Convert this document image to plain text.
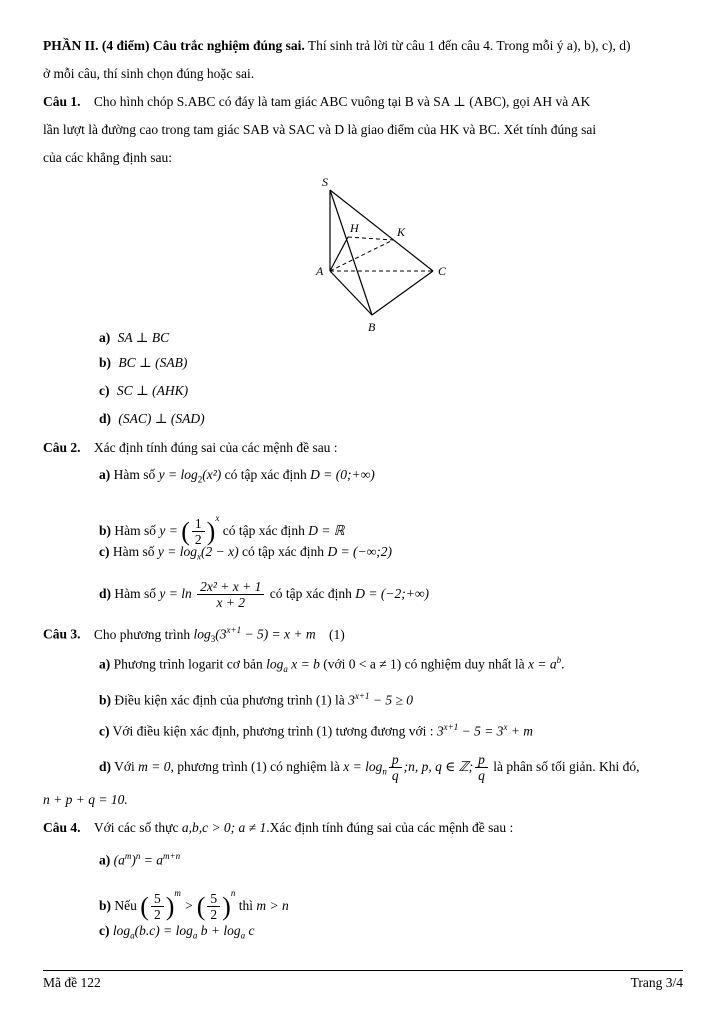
PHẦN II. (4 điểm) Câu trắc nghiệm đúng sai. Thí sinh trả lời từ câu 1 đến câu 4. Trong mỗi ý a), b), c), d)
ở mỗi câu, thí sinh chọn đúng hoặc sai.
Câu 1. Cho hình chóp S.ABC có đáy là tam giác ABC vuông tại B và SA ⊥ (ABC), gọi AH và AK
lần lượt là đường cao trong tam giác SAB và SAC và D là giao điểm của HK và BC. Xét tính đúng sai
của các khẳng định sau:
S
H	K
A	C
B
a) SA ⊥ BC
b) BC ⊥ (SAB)
c) SC ⊥ (AHK)
d) (SAC) ⊥ (SAD)
Câu 2. Xác định tính đúng sai của các mệnh đề sau :
a) Hàm số $y = \log_2(x^2)$ có tập xác định D = (0;+∞)
b) Hàm số y = ( $\frac{1}{2} )^x$ có tập xác định D = ℝ
c) Hàm số $y = \log_x(2 - x)$ có tập xác định D = (−∞;2)
d) Hàm số $y = \ln \frac{\text{2x² + x + 1}}{x + 2}$ có tập xác định D = (−2;+∞)
Câu 3. Cho phương trình $\log_3(3^{x+1} - 5) = x + m$ (1)
a) Phương trình logarit cơ bản $\log_a x = b$ (với 0 < a ≠ 1) có nghiệm duy nhất là $x = a^b$.
b) Điều kiện xác định của phương trình (1) là $3^{x+1} - 5 \ge 0$
c) Với điều kiện xác định, phương trình (1) tương đương với : $3^{x+1} - 5 = 3^x + m$
d) Với m = 0, phương trình (1) có nghiệm là $x = \log_n \frac{p}{q}$ ;n, p, q ∈ ℤ; $\frac{p}{q}$ là phân số tối giản. Khi đó,
n + p + q = 10.
Câu 4. Với các số thực a,b,c > 0; a ≠ 1.Xác định tính đúng sai của các mệnh đề sau :
a) $(a^m)^n = a^{m+n}$
b) Nếu ( $\frac{5}{2} )^m$ > ( $\frac{5}{2} )^n$ thì m > n
c) $\log_a(b.c) = \log_a b + \log_a c$
Mã đề 122	Trang 3/4
